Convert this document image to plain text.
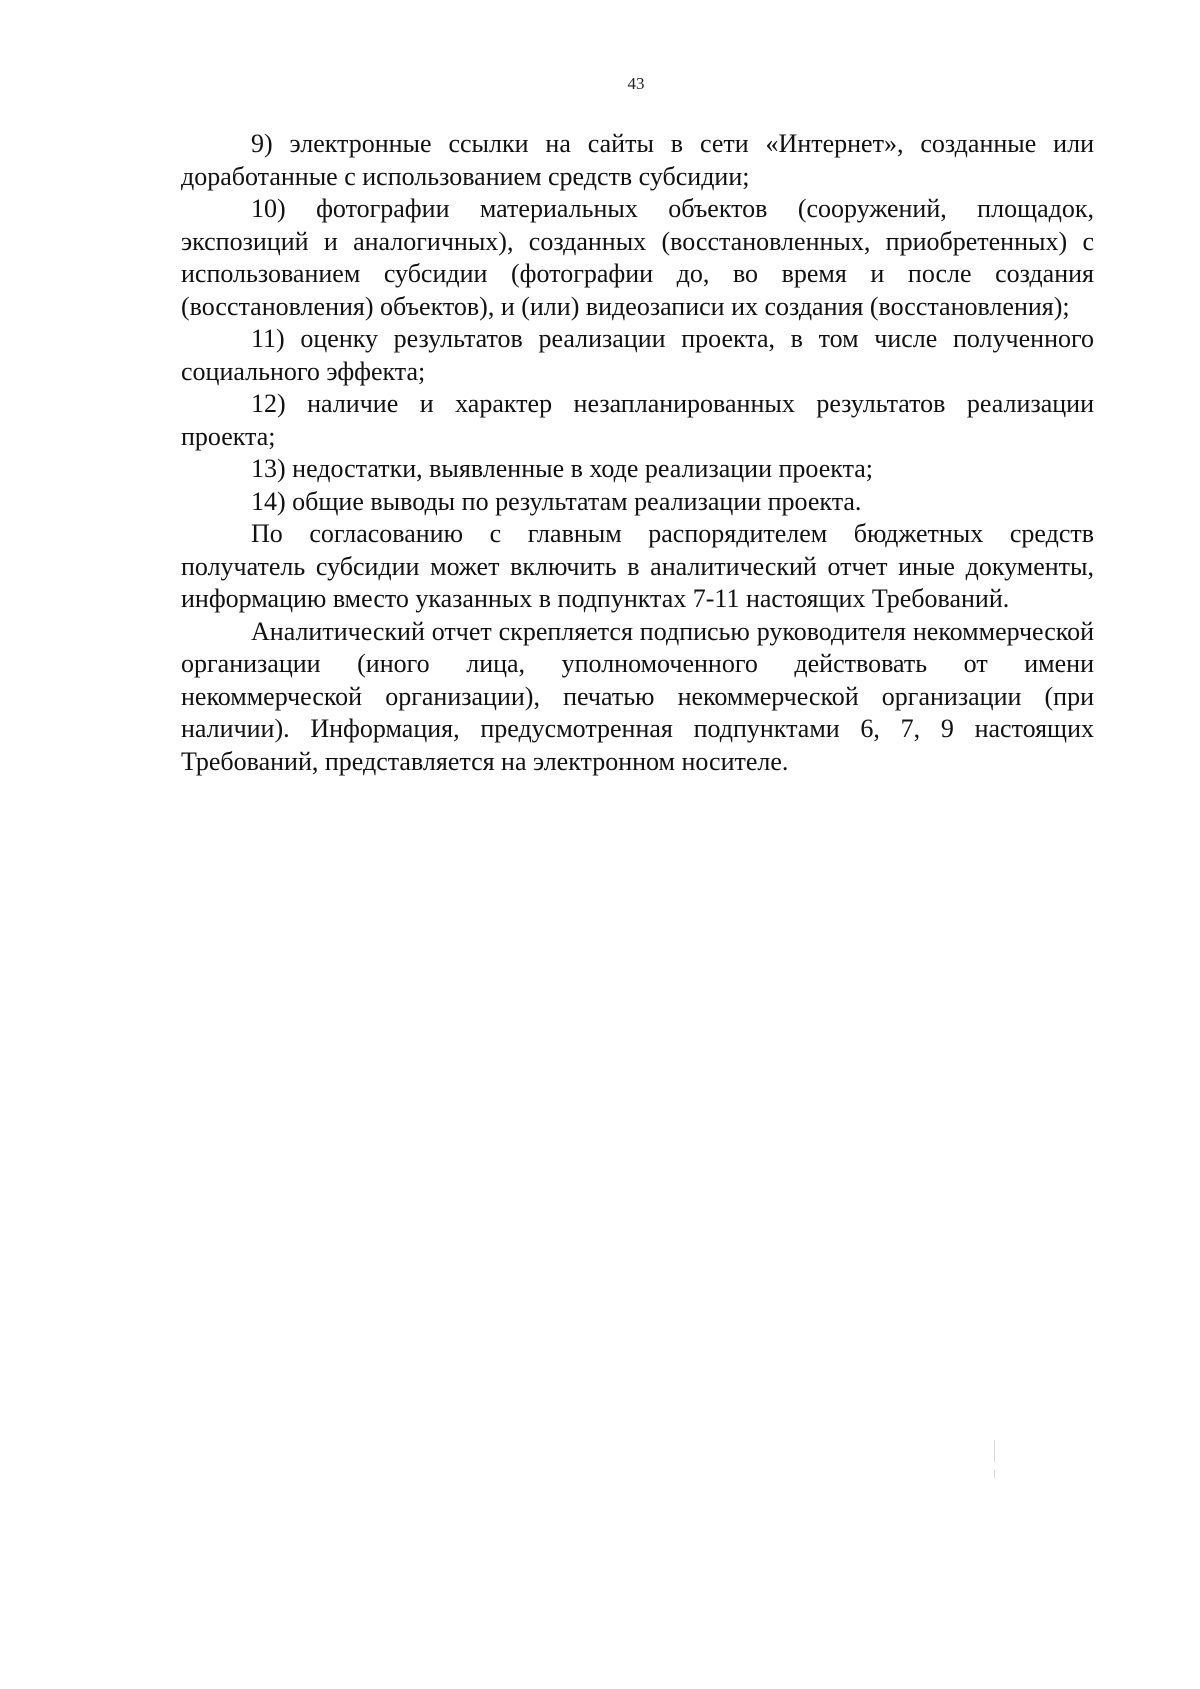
43

9) электронные ссылки на сайты в сети «Интернет», созданные или доработанные с использованием средств субсидии;

10) фотографии материальных объектов (сооружений, площадок, экспозиций и аналогичных), созданных (восстановленных, приобретенных) с использованием субсидии (фотографии до, во время и после создания (восстановления) объектов), и (или) видеозаписи их создания (восстановления);

11) оценку результатов реализации проекта, в том числе полученного социального эффекта;

12) наличие и характер незапланированных результатов реализации проекта;

13) недостатки, выявленные в ходе реализации проекта;

14) общие выводы по результатам реализации проекта.

По согласованию с главным распорядителем бюджетных средств получатель субсидии может включить в аналитический отчет иные документы, информацию вместо указанных в подпунктах 7-11 настоящих Требований.

Аналитический отчет скрепляется подписью руководителя некоммерческой организации (иного лица, уполномоченного действовать от имени некоммерческой организации), печатью некоммерческой организации (при наличии). Информация, предусмотренная подпунктами 6, 7, 9 настоящих Требований, представляется на электронном носителе.
